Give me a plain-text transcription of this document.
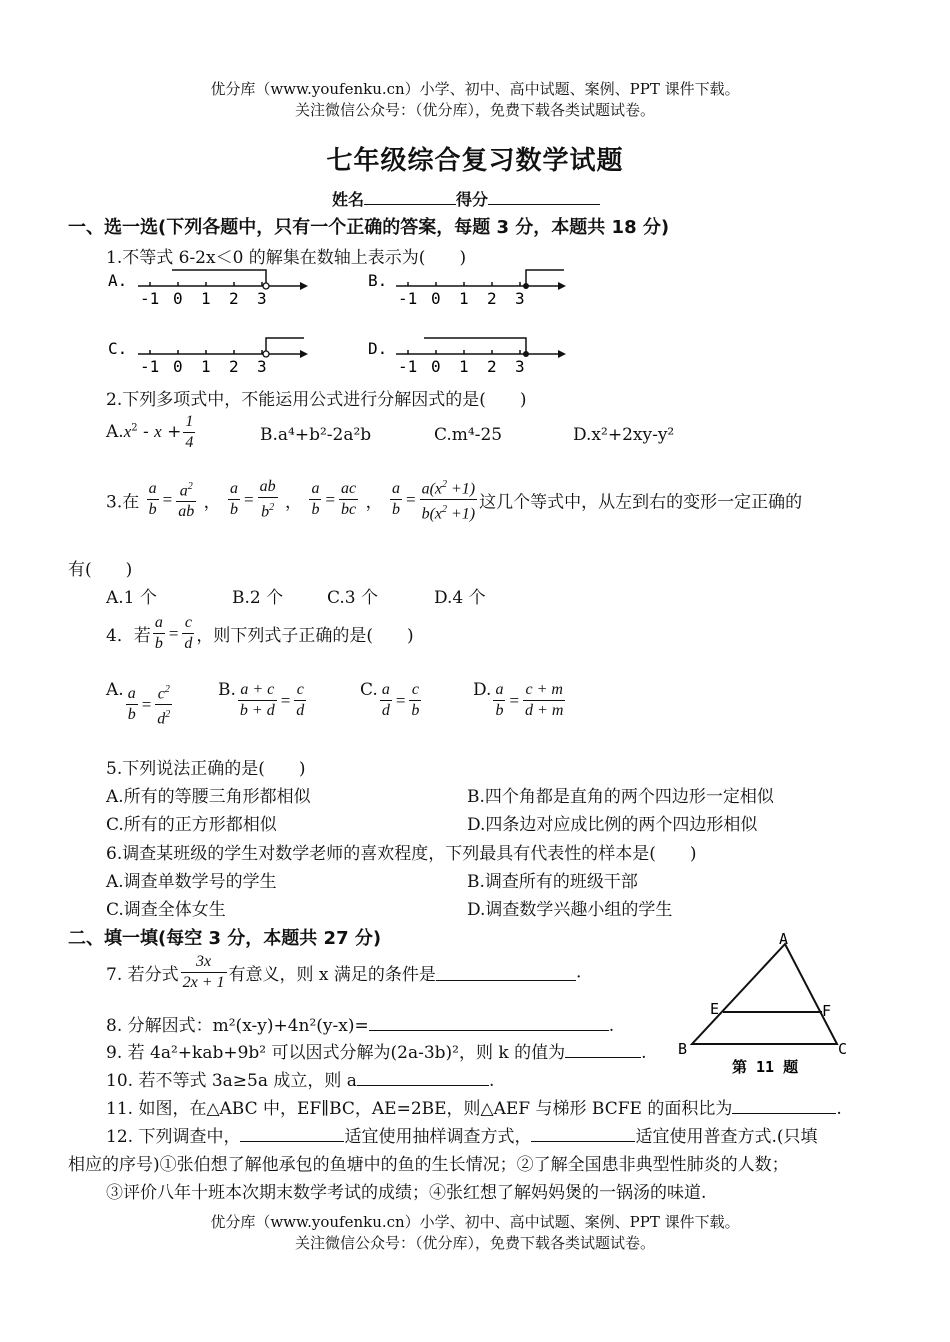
优分库（www.youfenku.cn）小学、初中、高中试题、案例、PPT 课件下载。
关注微信公众号：（优分库），免费下载各类试题试卷。
七年级综合复习数学试题
姓名	得分
一、选一选(下列各题中，只有一个正确的答案，每题 3 分，本题共 18 分)
1.不等式 6-2x＜0 的解集在数轴上表示为(　　)
A.
-1 0 1 2 3
B.
-1 0 1 2 3
C.
-1 0 1 2 3
D.
-1 0 1 2 3
2.下列多项式中，不能运用公式进行分解因式的是(　　)
$A.x^2 - x + \frac{1}{4}$	B.a⁴+b²-2a²b	C.m⁴-25	D.x²+2xy-y²
3.在 $\frac{a}{b} = \frac{a^2}{ab}$ ， $\frac{a}{b} = \frac{ab}{b^2}$ ， $\frac{a}{b} = \frac{ac}{bc}$ ， $\frac{a}{b} = \frac{a(x^2 +1)}{b(x^2 +1)}$ 这几个等式中，从左到右的变形一定正确的
有(　　)
A.1 个	B.2 个	C.3 个	D.4 个
4．若 $\frac{a}{b} = \frac{c}{d}$ ，则下列式子正确的是(　　)
A. $\frac{a}{b} = \frac{c^2}{d^2}$	B. $\frac{a + c}{b + d} = \frac{c}{d}$	C. $\frac{a}{d} = \frac{c}{b}$	D. $\frac{a}{b} = \frac{c + m}{d + m}$
5.下列说法正确的是(　　)
A.所有的等腰三角形都相似	B.四个角都是直角的两个四边形一定相似
C.所有的正方形都相似	D.四条边对应成比例的两个四边形相似
6.调查某班级的学生对数学老师的喜欢程度，下列最具有代表性的样本是(　　)
A.调查单数学号的学生	B.调查所有的班级干部
C.调查全体女生	D.调查数学兴趣小组的学生
二、填一填(每空 3 分，本题共 27 分)
7. 若分式 $\frac{3x}{2x + 1}$ 有意义，则 x 满足的条件是	.
8. 分解因式：m²(x-y)+4n²(y-x)=	.
9. 若 4a²+kab+9b² 可以因式分解为(2a-3b)²，则 k 的值为	.
10. 若不等式 3a≥5a 成立，则 a	.
11. 如图，在△ABC 中，EF∥BC，AE=2BE，则△AEF 与梯形 BCFE 的面积比为	.
12. 下列调查中，	适宜使用抽样调查方式，	适宜使用普查方式.(只填
相应的序号)①张伯想了解他承包的鱼塘中的鱼的生长情况；②了解全国患非典型性肺炎的人数；
③评价八年十班本次期末数学考试的成绩；④张红想了解妈妈煲的一锅汤的味道.
A
E	F
B	C
第 11 题
优分库（www.youfenku.cn）小学、初中、高中试题、案例、PPT 课件下载。
关注微信公众号：（优分库），免费下载各类试题试卷。
